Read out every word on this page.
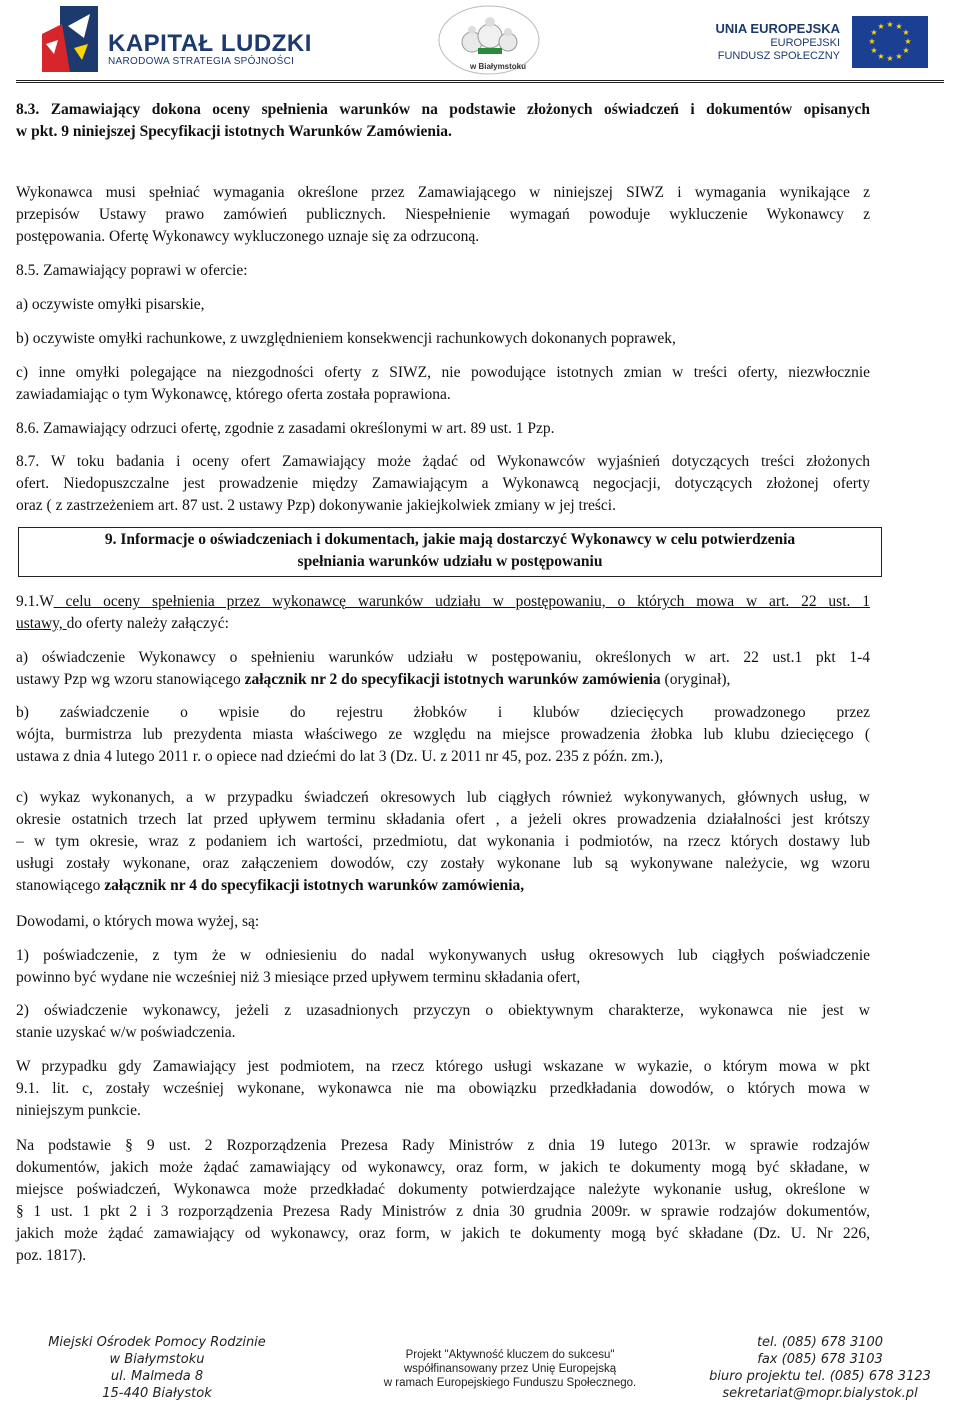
KAPITAŁ LUDZKI
NARODOWA STRATEGIA SPÓJNOŚCI	w Białymstoku
UNIA EUROPEJSKA
EUROPEJSKI
FUNDUSZ SPOŁECZNY
★ ★
★
★
★
★
★
★
★
★
★
★
8.3. Zamawiający dokona oceny spełnienia warunków na podstawie złożonych oświadczeń i dokumentów opisanych
w pkt. 9 niniejszej Specyfikacji istotnych Warunków Zamówienia.
Wykonawca musi spełniać wymagania określone przez Zamawiającego w niniejszej SIWZ i wymagania wynikające z
przepisów Ustawy prawo zamówień publicznych. Niespełnienie wymagań powoduje wykluczenie Wykonawcy z
postępowania. Ofertę Wykonawcy wykluczonego uznaje się za odrzuconą.
8.5. Zamawiający poprawi w ofercie:
a) oczywiste omyłki pisarskie,
b) oczywiste omyłki rachunkowe, z uwzględnieniem konsekwencji rachunkowych dokonanych poprawek,
c) inne omyłki polegające na niezgodności oferty z SIWZ, nie powodujące istotnych zmian w treści oferty, niezwłocznie
zawiadamiając o tym Wykonawcę, którego oferta została poprawiona.
8.6. Zamawiający odrzuci ofertę, zgodnie z zasadami określonymi w art. 89 ust. 1 Pzp.
8.7. W toku badania i oceny ofert Zamawiający może żądać od Wykonawców wyjaśnień dotyczących treści złożonych
ofert. Niedopuszczalne jest prowadzenie między Zamawiającym a Wykonawcą negocjacji, dotyczących złożonej oferty
oraz ( z zastrzeżeniem art. 87 ust. 2 ustawy Pzp) dokonywanie jakiejkolwiek zmiany w jej treści.
9. Informacje o oświadczeniach i dokumentach, jakie mają dostarczyć Wykonawcy w celu potwierdzenia
spełniania warunków udziału w postępowaniu
9.1.W celu oceny spełnienia przez wykonawcę warunków udziału w postępowaniu, o których mowa w art. 22 ust. 1
ustawy, do oferty należy załączyć:
a) oświadczenie Wykonawcy o spełnieniu warunków udziału w postępowaniu, określonych w art. 22 ust.1 pkt 1-4
ustawy Pzp wg wzoru stanowiącego załącznik nr 2 do specyfikacji istotnych warunków zamówienia (oryginał),
b) zaświadczenie o wpisie do rejestru żłobków i klubów dziecięcych prowadzonego przez
wójta, burmistrza lub prezydenta miasta właściwego ze względu na miejsce prowadzenia żłobka lub klubu dziecięcego (
ustawa z dnia 4 lutego 2011 r. o opiece nad dziećmi do lat 3 (Dz. U. z 2011 nr 45, poz. 235 z późn. zm.),
c) wykaz wykonanych, a w przypadku świadczeń okresowych lub ciągłych również wykonywanych, głównych usług, w
okresie ostatnich trzech lat przed upływem terminu składania ofert , a jeżeli okres prowadzenia działalności jest krótszy
– w tym okresie, wraz z podaniem ich wartości, przedmiotu, dat wykonania i podmiotów, na rzecz których dostawy lub
usługi zostały wykonane, oraz załączeniem dowodów, czy zostały wykonane lub są wykonywane należycie, wg wzoru
stanowiącego załącznik nr 4 do specyfikacji istotnych warunków zamówienia,
Dowodami, o których mowa wyżej, są:
1) poświadczenie, z tym że w odniesieniu do nadal wykonywanych usług okresowych lub ciągłych poświadczenie
powinno być wydane nie wcześniej niż 3 miesiące przed upływem terminu składania ofert,
2) oświadczenie wykonawcy, jeżeli z uzasadnionych przyczyn o obiektywnym charakterze, wykonawca nie jest w
stanie uzyskać w/w poświadczenia.
W przypadku gdy Zamawiający jest podmiotem, na rzecz którego usługi wskazane w wykazie, o którym mowa w pkt
9.1. lit. c, zostały wcześniej wykonane, wykonawca nie ma obowiązku przedkładania dowodów, o których mowa w
niniejszym punkcie.
Na podstawie § 9 ust. 2 Rozporządzenia Prezesa Rady Ministrów z dnia 19 lutego 2013r. w sprawie rodzajów
dokumentów, jakich może żądać zamawiający od wykonawcy, oraz form, w jakich te dokumenty mogą być składane, w
miejsce poświadczeń, Wykonawca może przedkładać dokumenty potwierdzające należyte wykonanie usług, określone w
§ 1 ust. 1 pkt 2 i 3 rozporządzenia Prezesa Rady Ministrów z dnia 30 grudnia 2009r. w sprawie rodzajów dokumentów,
jakich może żądać zamawiający od wykonawcy, oraz form, w jakich te dokumenty mogą być składane (Dz. U. Nr 226,
poz. 1817).
Miejski Ośrodek Pomocy Rodzinie
w Białymstoku
ul. Malmeda 8
15-440 Białystok
Projekt "Aktywność kluczem do sukcesu"
współfinansowany przez Unię Europejską
w ramach Europejskiego Funduszu Społecznego.
tel. (085) 678 3100
fax (085) 678 3103
biuro projektu tel. (085) 678 3123
sekretariat@mopr.bialystok.pl
